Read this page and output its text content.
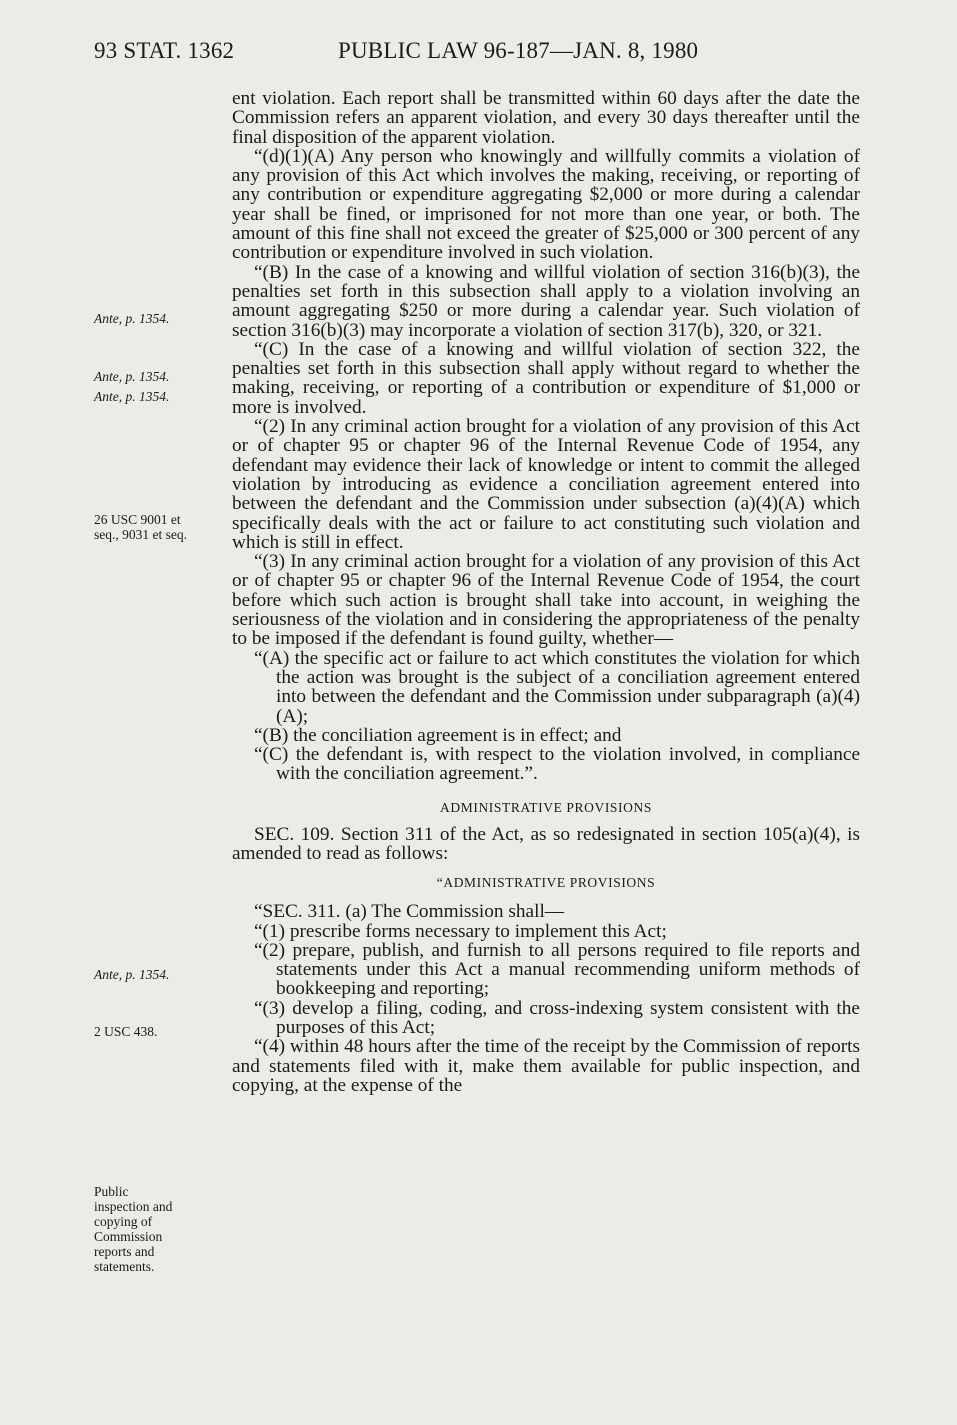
93 STAT. 1362	PUBLIC LAW 96-187—JAN. 8, 1980

Ante, p. 1354.
Ante, p. 1354.
Ante, p. 1354.
26 USC 9001 et
seq., 9031 et seq.
Ante, p. 1354.
2 USC 438.
Public
inspection and
copying of
Commission
reports and
statements.

ent violation. Each report shall be transmitted within 60 days after the date the Commission refers an apparent violation, and every 30 days thereafter until the final disposition of the apparent violation.

“(d)(1)(A) Any person who knowingly and willfully commits a violation of any provision of this Act which involves the making, receiving, or reporting of any contribution or expenditure aggregating $2,000 or more during a calendar year shall be fined, or imprisoned for not more than one year, or both. The amount of this fine shall not exceed the greater of $25,000 or 300 percent of any contribution or expenditure involved in such violation.

“(B) In the case of a knowing and willful violation of section 316(b)(3), the penalties set forth in this subsection shall apply to a violation involving an amount aggregating $250 or more during a calendar year. Such violation of section 316(b)(3) may incorporate a violation of section 317(b), 320, or 321.

“(C) In the case of a knowing and willful violation of section 322, the penalties set forth in this subsection shall apply without regard to whether the making, receiving, or reporting of a contribution or expenditure of $1,000 or more is involved.

“(2) In any criminal action brought for a violation of any provision of this Act or of chapter 95 or chapter 96 of the Internal Revenue Code of 1954, any defendant may evidence their lack of knowledge or intent to commit the alleged violation by introducing as evidence a conciliation agreement entered into between the defendant and the Commission under subsection (a)(4)(A) which specifically deals with the act or failure to act constituting such violation and which is still in effect.

“(3) In any criminal action brought for a violation of any provision of this Act or of chapter 95 or chapter 96 of the Internal Revenue Code of 1954, the court before which such action is brought shall take into account, in weighing the seriousness of the violation and in considering the appropriateness of the penalty to be imposed if the defendant is found guilty, whether—

“(A) the specific act or failure to act which constitutes the violation for which the action was brought is the subject of a conciliation agreement entered into between the defendant and the Commission under subparagraph (a)(4)(A);

“(B) the conciliation agreement is in effect; and

“(C) the defendant is, with respect to the violation involved, in compliance with the conciliation agreement.”.

ADMINISTRATIVE PROVISIONS

SEC. 109. Section 311 of the Act, as so redesignated in section 105(a)(4), is amended to read as follows:

“ADMINISTRATIVE PROVISIONS

“SEC. 311. (a) The Commission shall—

“(1) prescribe forms necessary to implement this Act;

“(2) prepare, publish, and furnish to all persons required to file reports and statements under this Act a manual recommending uniform methods of bookkeeping and reporting;

“(3) develop a filing, coding, and cross-indexing system consistent with the purposes of this Act;

“(4) within 48 hours after the time of the receipt by the Commission of reports and statements filed with it, make them available for public inspection, and copying, at the expense of the
